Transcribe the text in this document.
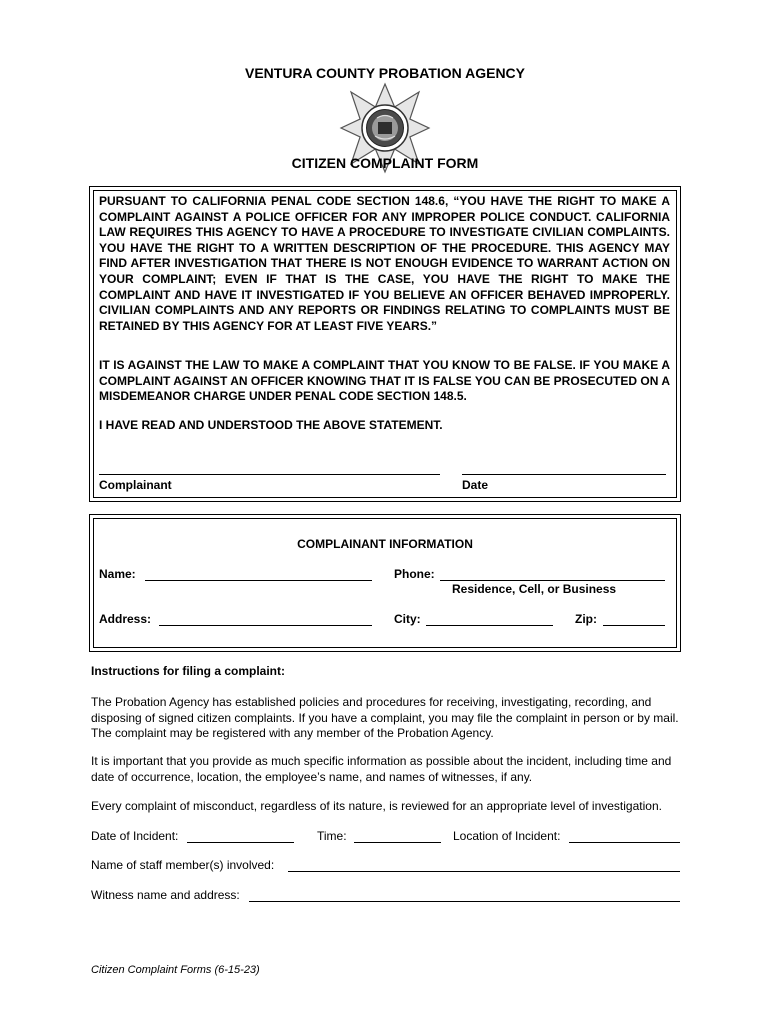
VENTURA COUNTY PROBATION AGENCY
CITIZEN COMPLAINT FORM

PURSUANT TO CALIFORNIA PENAL CODE SECTION 148.6, “YOU HAVE THE RIGHT TO MAKE A COMPLAINT AGAINST A POLICE OFFICER FOR ANY IMPROPER POLICE CONDUCT. CALIFORNIA LAW REQUIRES THIS AGENCY TO HAVE A PROCEDURE TO INVESTIGATE CIVILIAN COMPLAINTS. YOU HAVE THE RIGHT TO A WRITTEN DESCRIPTION OF THE PROCEDURE. THIS AGENCY MAY FIND AFTER INVESTIGATION THAT THERE IS NOT ENOUGH EVIDENCE TO WARRANT ACTION ON YOUR COMPLAINT; EVEN IF THAT IS THE CASE, YOU HAVE THE RIGHT TO MAKE THE COMPLAINT AND HAVE IT INVESTIGATED IF YOU BELIEVE AN OFFICER BEHAVED IMPROPERLY. CIVILIAN COMPLAINTS AND ANY REPORTS OR FINDINGS RELATING TO COMPLAINTS MUST BE RETAINED BY THIS AGENCY FOR AT LEAST FIVE YEARS.”

IT IS AGAINST THE LAW TO MAKE A COMPLAINT THAT YOU KNOW TO BE FALSE. IF YOU MAKE A COMPLAINT AGAINST AN OFFICER KNOWING THAT IT IS FALSE YOU CAN BE PROSECUTED ON A MISDEMEANOR CHARGE UNDER PENAL CODE SECTION 148.5.

I HAVE READ AND UNDERSTOOD THE ABOVE STATEMENT.
Complainant	Date
COMPLAINANT INFORMATION
Name:	Phone:
Residence, Cell, or Business
Address:	City:	Zip:
Instructions for filing a complaint:

The Probation Agency has established policies and procedures for receiving, investigating, recording, and disposing of signed citizen complaints. If you have a complaint, you may file the complaint in person or by mail. The complaint may be registered with any member of the Probation Agency.

It is important that you provide as much specific information as possible about the incident, including time and date of occurrence, location, the employee’s name, and names of witnesses, if any.

Every complaint of misconduct, regardless of its nature, is reviewed for an appropriate level of investigation.

Date of Incident:	Time:	Location of Incident:
Name of staff member(s) involved:
Witness name and address:
Citizen Complaint Forms (6-15-23)
